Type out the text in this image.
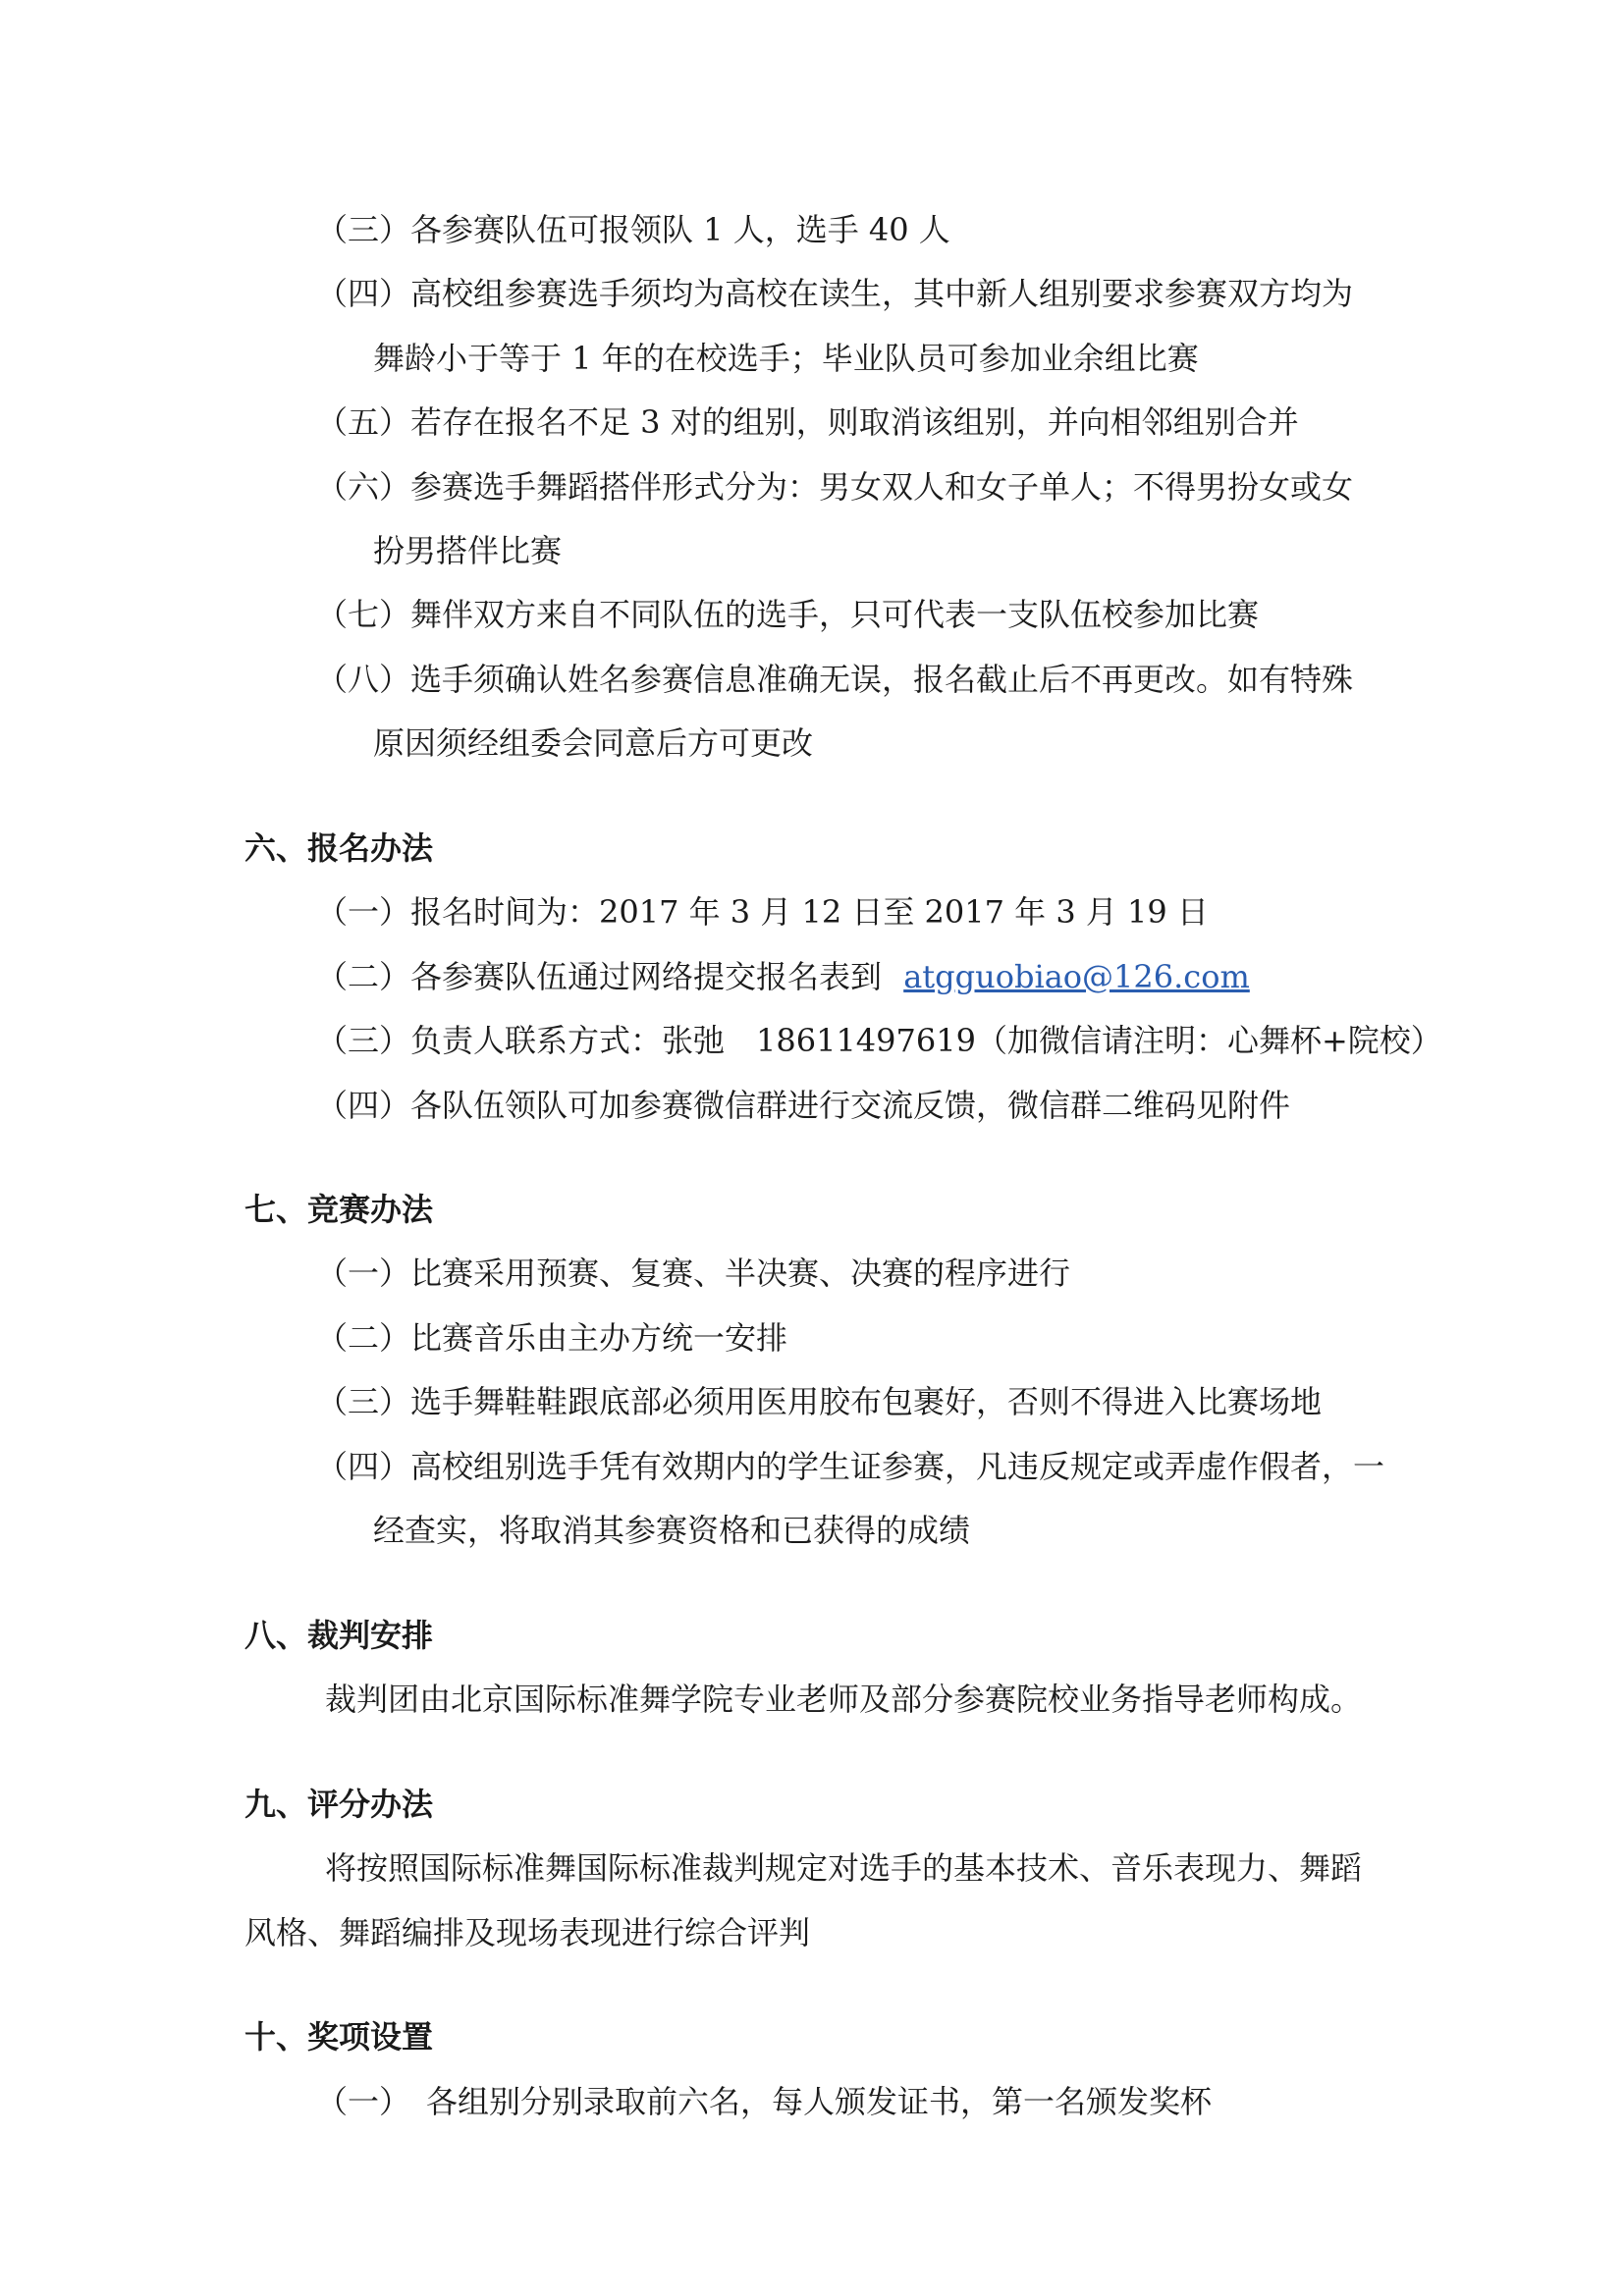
（三）各参赛队伍可报领队 1 人，选手 40 人
（四）高校组参赛选手须均为高校在读生，其中新人组别要求参赛双方均为
舞龄小于等于 1 年的在校选手；毕业队员可参加业余组比赛
（五）若存在报名不足 3 对的组别，则取消该组别，并向相邻组别合并
（六）参赛选手舞蹈搭伴形式分为：男女双人和女子单人；不得男扮女或女
扮男搭伴比赛
（七）舞伴双方来自不同队伍的选手，只可代表一支队伍校参加比赛
（八）选手须确认姓名参赛信息准确无误，报名截止后不再更改。如有特殊
原因须经组委会同意后方可更改
六、报名办法
（一）报名时间为：2017 年 3 月 12 日至 2017 年 3 月 19 日
（二）各参赛队伍通过网络提交报名表到 atgguobiao@126.com
（三）负责人联系方式：张弛　18611497619（加微信请注明：心舞杯+院校）
（四）各队伍领队可加参赛微信群进行交流反馈，微信群二维码见附件
七、竞赛办法
（一）比赛采用预赛、复赛、半决赛、决赛的程序进行
（二）比赛音乐由主办方统一安排
（三）选手舞鞋鞋跟底部必须用医用胶布包裹好，否则不得进入比赛场地
（四）高校组别选手凭有效期内的学生证参赛，凡违反规定或弄虚作假者，一
经查实，将取消其参赛资格和已获得的成绩
八、裁判安排
裁判团由北京国际标准舞学院专业老师及部分参赛院校业务指导老师构成。
九、评分办法
将按照国际标准舞国际标准裁判规定对选手的基本技术、音乐表现力、舞蹈
风格、舞蹈编排及现场表现进行综合评判
十、奖项设置
（一）　各组别分别录取前六名，每人颁发证书，第一名颁发奖杯
